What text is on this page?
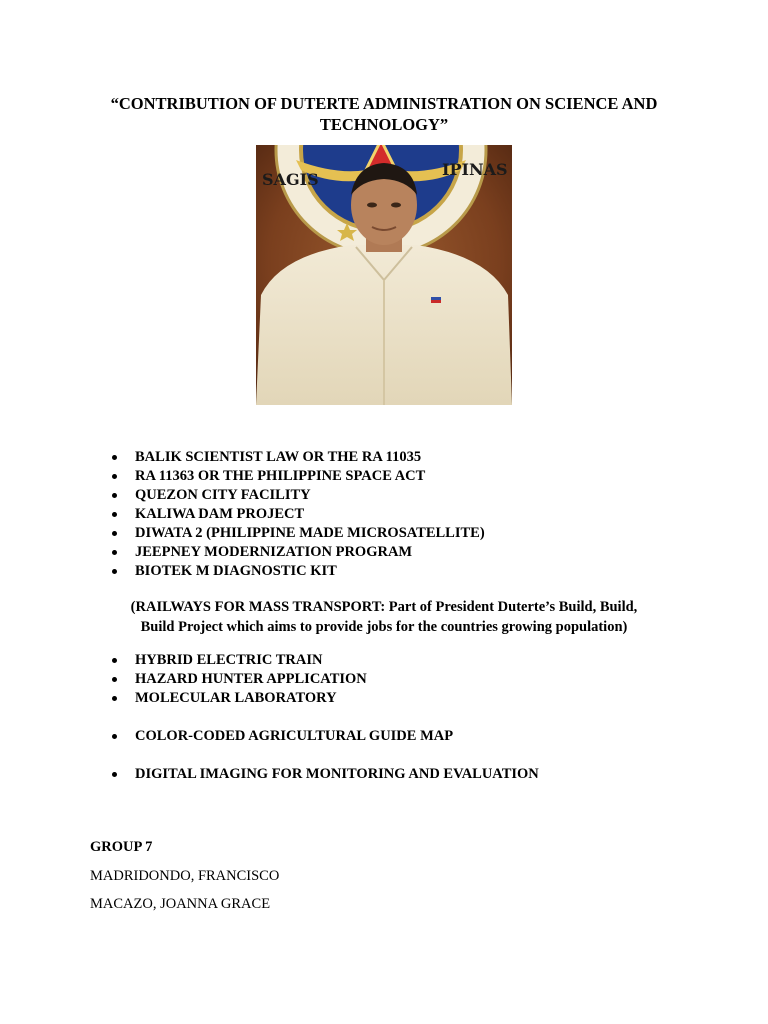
“CONTRIBUTION OF DUTERTE ADMINISTRATION ON SCIENCE AND
TECHNOLOGY”
SAGIS
IPINAS
BALIK SCIENTIST LAW OR THE RA 11035
RA 11363 OR THE PHILIPPINE SPACE ACT
QUEZON CITY FACILITY
KALIWA DAM PROJECT
DIWATA 2 (PHILIPPINE MADE MICROSATELLITE)
JEEPNEY MODERNIZATION PROGRAM
BIOTEK M DIAGNOSTIC KIT
(RAILWAYS FOR MASS TRANSPORT: Part of President Duterte’s Build, Build,
Build Project which aims to provide jobs for the countries growing population)
HYBRID ELECTRIC TRAIN
HAZARD HUNTER APPLICATION
MOLECULAR LABORATORY
COLOR-CODED AGRICULTURAL GUIDE MAP
DIGITAL IMAGING FOR MONITORING AND EVALUATION
GROUP 7
MADRIDONDO, FRANCISCO
MACAZO, JOANNA GRACE
